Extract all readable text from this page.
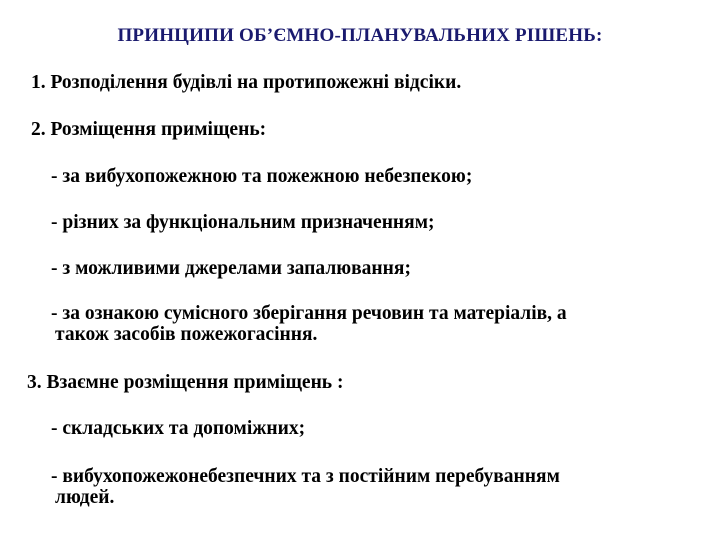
ПРИНЦИПИ ОБ’ЄМНО-ПЛАНУВАЛЬНИХ РІШЕНЬ:
1. Розподілення будівлі на протипожежні відсіки.
2. Розміщення приміщень:
- за вибухопожежною та пожежною небезпекою;
- різних за функціональним призначенням;
- з можливими джерелами запалювання;
- за ознакою сумісного зберігання речовин та матеріалів, а
також засобів пожежогасіння.
3. Взаємне розміщення приміщень :
- складських та допоміжних;
- вибухопожежонебезпечних та з постійним перебуванням
людей.
